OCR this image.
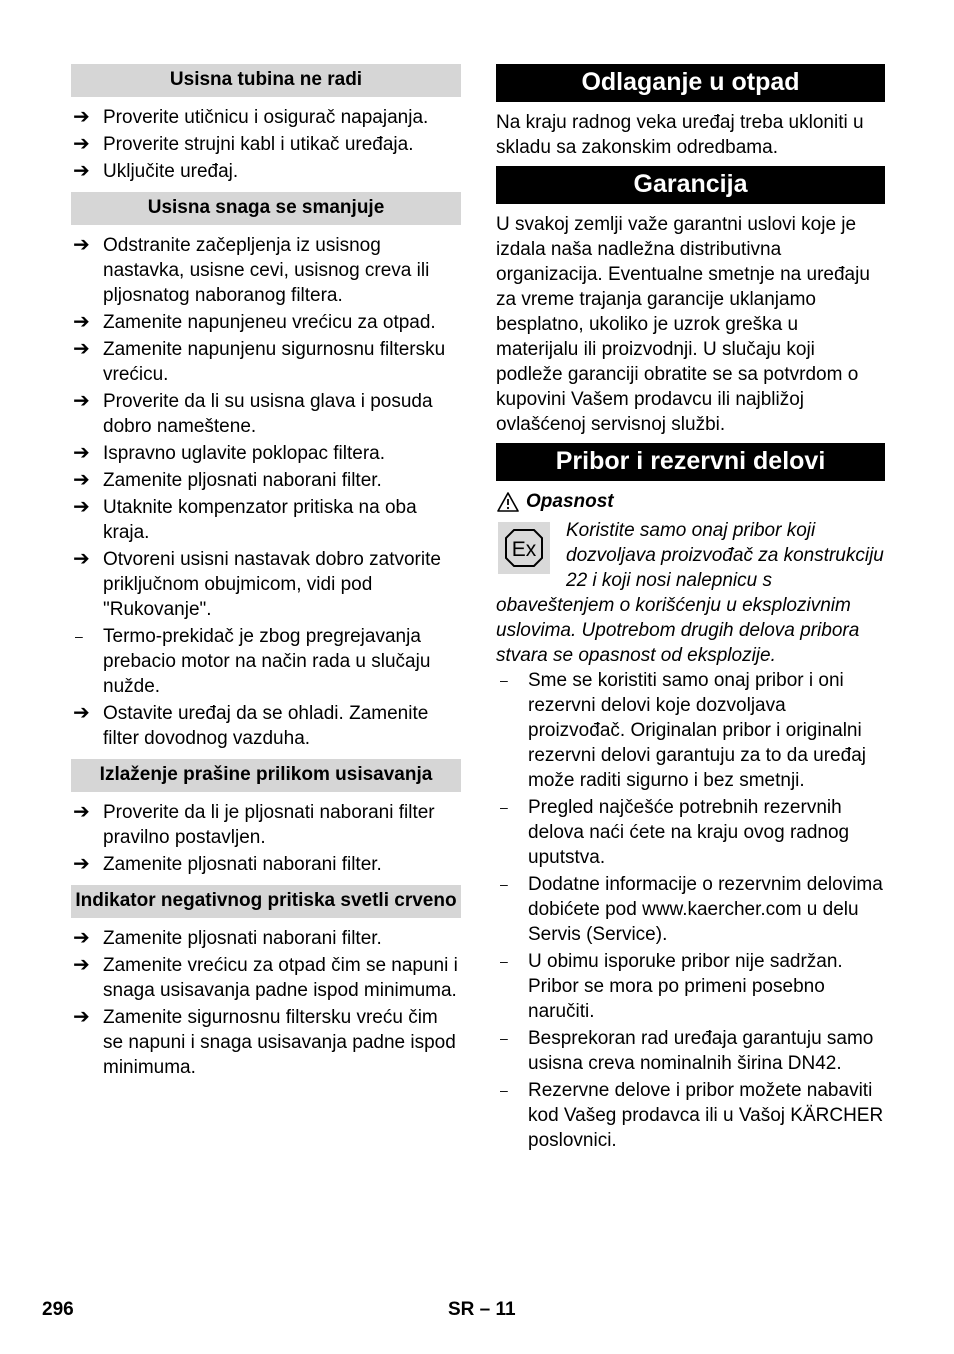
Usisna tubina ne radi
➔ Proverite utičnicu i osigurač napajanja.
➔ Proverite strujni kabl i utikač uređaja.
➔ Uključite uređaj.
Usisna snaga se smanjuje
➔ Odstranite začepljenja iz usisnog nastavka, usisne cevi, usisnog creva ili pljosnatog naboranog filtera.
➔ Zamenite napunjeneu vrećicu za otpad.
➔ Zamenite napunjenu sigurnosnu filtersku vrećicu.
➔ Proverite da li su usisna glava i posuda dobro nameštene.
➔ Ispravno uglavite poklopac filtera.
➔ Zamenite pljosnati naborani filter.
➔ Utaknite kompenzator pritiska na oba kraja.
➔ Otvoreni usisni nastavak dobro zatvorite priključnom obujmicom, vidi pod "Rukovanje".
–	Termo-prekidač je zbog pregrejavanja prebacio motor na način rada u slučaju nužde.
➔ Ostavite uređaj da se ohladi. Zamenite filter dovodnog vazduha.
Izlaženje prašine prilikom usisavanja
➔ Proverite da li je pljosnati naborani filter pravilno postavljen.
➔ Zamenite pljosnati naborani filter.
Indikator negativnog pritiska svetli crveno
➔ Zamenite pljosnati naborani filter.
➔ Zamenite vrećicu za otpad čim se napuni i snaga usisavanja padne ispod minimuma.
➔ Zamenite sigurnosnu filtersku vreću čim se napuni i snaga usisavanja padne ispod minimuma.
Odlaganje u otpad

Na kraju radnog veka uređaj treba ukloniti u skladu sa zakonskim odredbama.

Garancija

U svakoj zemlji važe garantni uslovi koje je izdala naša nadležna distributivna organizacija. Eventualne smetnje na uređaju za vreme trajanja garancije uklanjamo besplatno, ukoliko je uzrok greška u materijalu ili proizvodnji. U slučaju koji podleže garanciji obratite se sa potvrdom o kupovini Vašem prodavcu ili najbližoj ovlašćenoj servisnoj službi.

Pribor i rezervni delovi
Opasnost
Ex

Koristite samo onaj pribor koji dozvoljava proizvođač za konstrukciju 22 i koji nosi nalepnicu s obaveštenjem o korišćenju u eksplozivnim uslovima. Upotrebom drugih delova pribora stvara se opasnost od eksplozije.

–	Sme se koristiti samo onaj pribor i oni rezervni delovi koje dozvoljava proizvođač. Originalan pribor i originalni rezervni delovi garantuju za to da uređaj može raditi sigurno i bez smetnji.
–	Pregled najčešće potrebnih rezervnih delova naći ćete na kraju ovog radnog uputstva.
–	Dodatne informacije o rezervnim delovima dobićete pod www.kaercher.com u delu Servis (Service).
–	U obimu isporuke pribor nije sadržan. Pribor se mora po primeni posebno naručiti.
–	Besprekoran rad uređaja garantuju samo usisna creva nominalnih širina DN42.
–	Rezervne delove i pribor možete nabaviti kod Vašeg prodavca ili u Vašoj KÄRCHER poslovnici.
296	SR – 11
